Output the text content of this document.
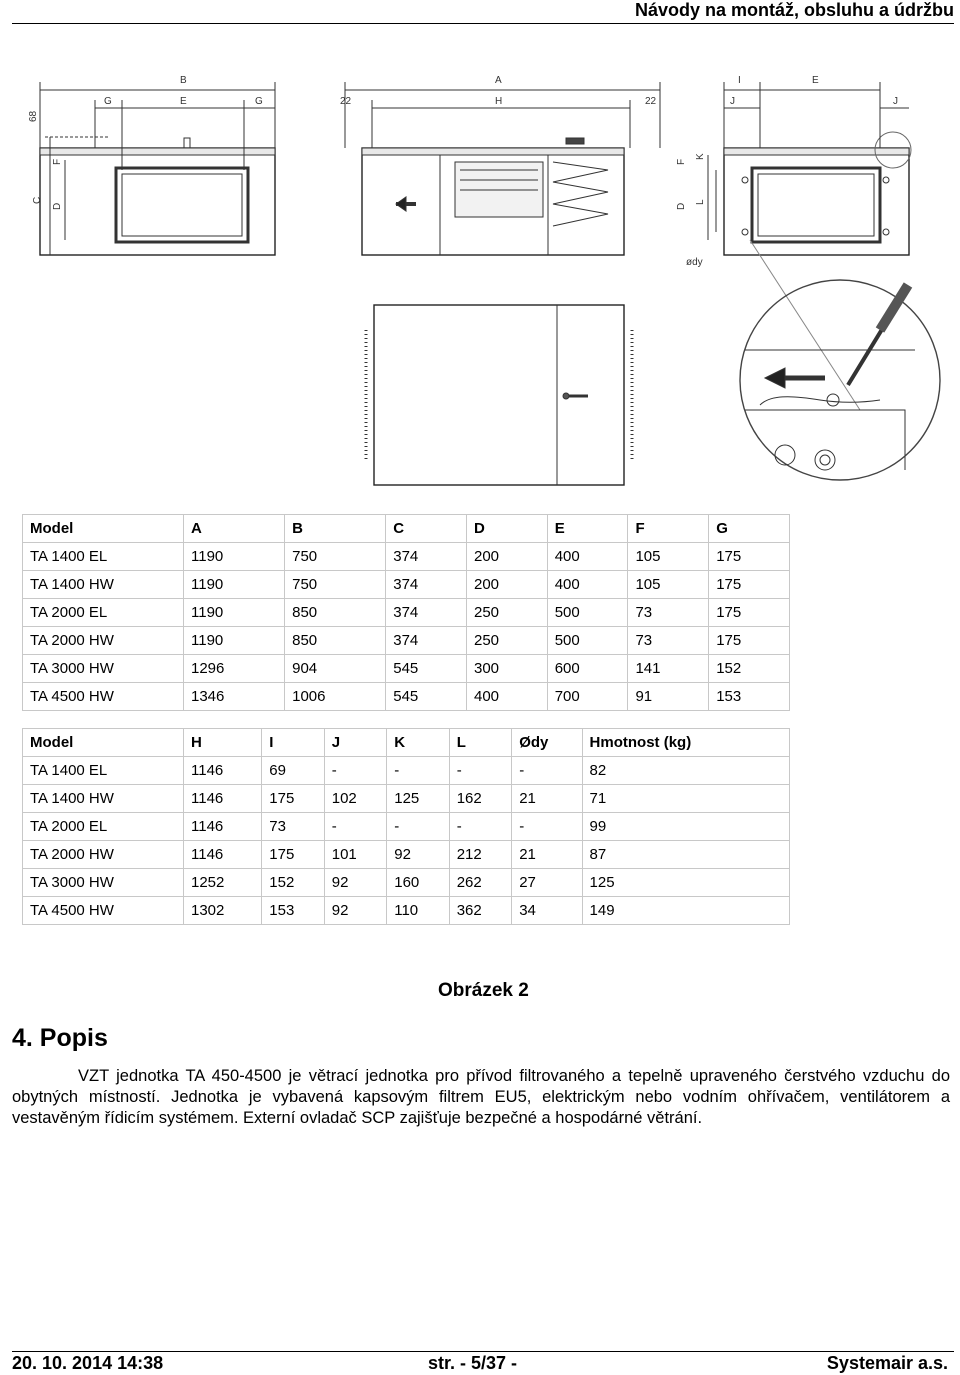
Návody na montáž, obsluhu a údržbu
B
G	E	G
68
F
C
D
A
H
22	22
I	E
J	J
F
K
D
L
ødy
Model	A	B	C	D	E	F	G
TA 1400 EL	1190	750	374	200	400	105	175
TA 1400 HW	1190	750	374	200	400	105	175
TA 2000 EL	1190	850	374	250	500	73	175
TA 2000 HW	1190	850	374	250	500	73	175
TA 3000 HW	1296	904	545	300	600	141	152
TA 4500 HW	1346	1006	545	400	700	91	153
Model	H	I	J	K	L	Ødy	Hmotnost (kg)
TA 1400 EL	1146	69	-	-	-	-	82
TA 1400 HW	1146	175	102	125	162	21	71
TA 2000 EL	1146	73	-	-	-	-	99
TA 2000 HW	1146	175	101	92	212	21	87
TA 3000 HW	1252	152	92	160	262	27	125
TA 4500 HW	1302	153	92	110	362	34	149
Obrázek 2
4. Popis

VZT jednotka TA 450-4500 je větrací jednotka pro přívod filtrovaného a tepelně upraveného čerstvého vzduchu do obytných místností. Jednotka je vybavená kapsovým filtrem EU5, elektrickým nebo vodním ohřívačem, ventilátorem a vestavěným řídicím systémem. Externí ovladač SCP zajišťuje bezpečné a hospodárné větrání.

20. 10. 2014 14:38	str. - 5/37 -	Systemair a.s.
